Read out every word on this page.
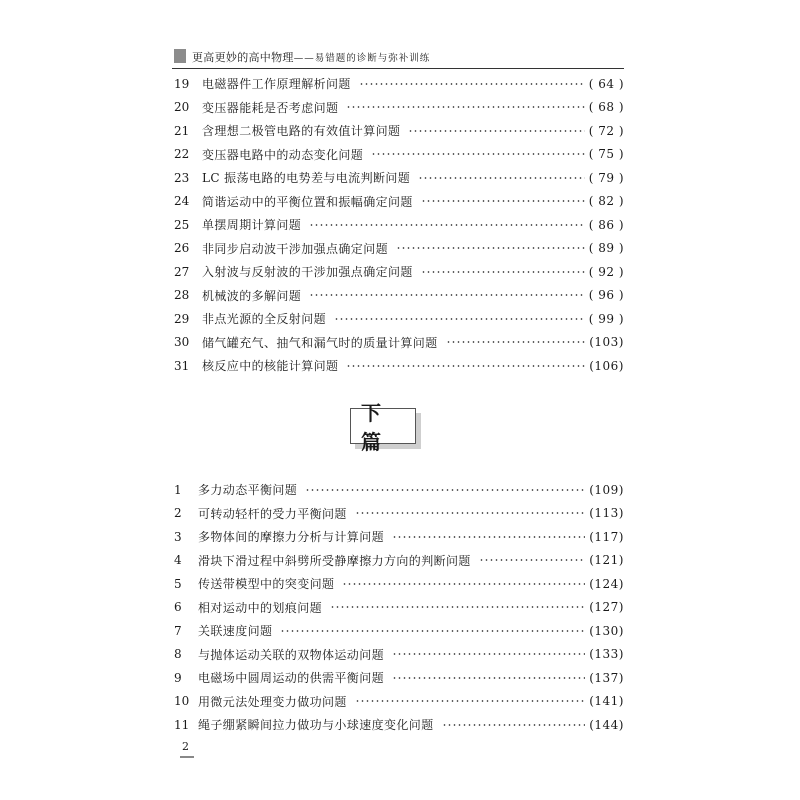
更高更妙的高中物理——易错题的诊断与弥补训练
19	电磁器件工作原理解析问题	( 64 )
20	变压器能耗是否考虑问题	( 68 )
21	含理想二极管电路的有效值计算问题	( 72 )
22	变压器电路中的动态变化问题	( 75 )
23	LC 振荡电路的电势差与电流判断问题	( 79 )
24	简谐运动中的平衡位置和振幅确定问题	( 82 )
25	单摆周期计算问题	( 86 )
26	非同步启动波干涉加强点确定问题	( 89 )
27	入射波与反射波的干涉加强点确定问题	( 92 )
28	机械波的多解问题	( 96 )
29	非点光源的全反射问题	( 99 )
30	储气罐充气、抽气和漏气时的质量计算问题	(103)
31	核反应中的核能计算问题	(106)
下篇
1	多力动态平衡问题	(109)
2	可转动轻杆的受力平衡问题	(113)
3	多物体间的摩擦力分析与计算问题	(117)
4	滑块下滑过程中斜劈所受静摩擦力方向的判断问题	(121)
5	传送带模型中的突变问题	(124)
6	相对运动中的划痕问题	(127)
7	关联速度问题	(130)
8	与抛体运动关联的双物体运动问题	(133)
9	电磁场中圆周运动的供需平衡问题	(137)
10 用微元法处理变力做功问题	(141)
11 绳子绷紧瞬间拉力做功与小球速度变化问题	(144)
2
